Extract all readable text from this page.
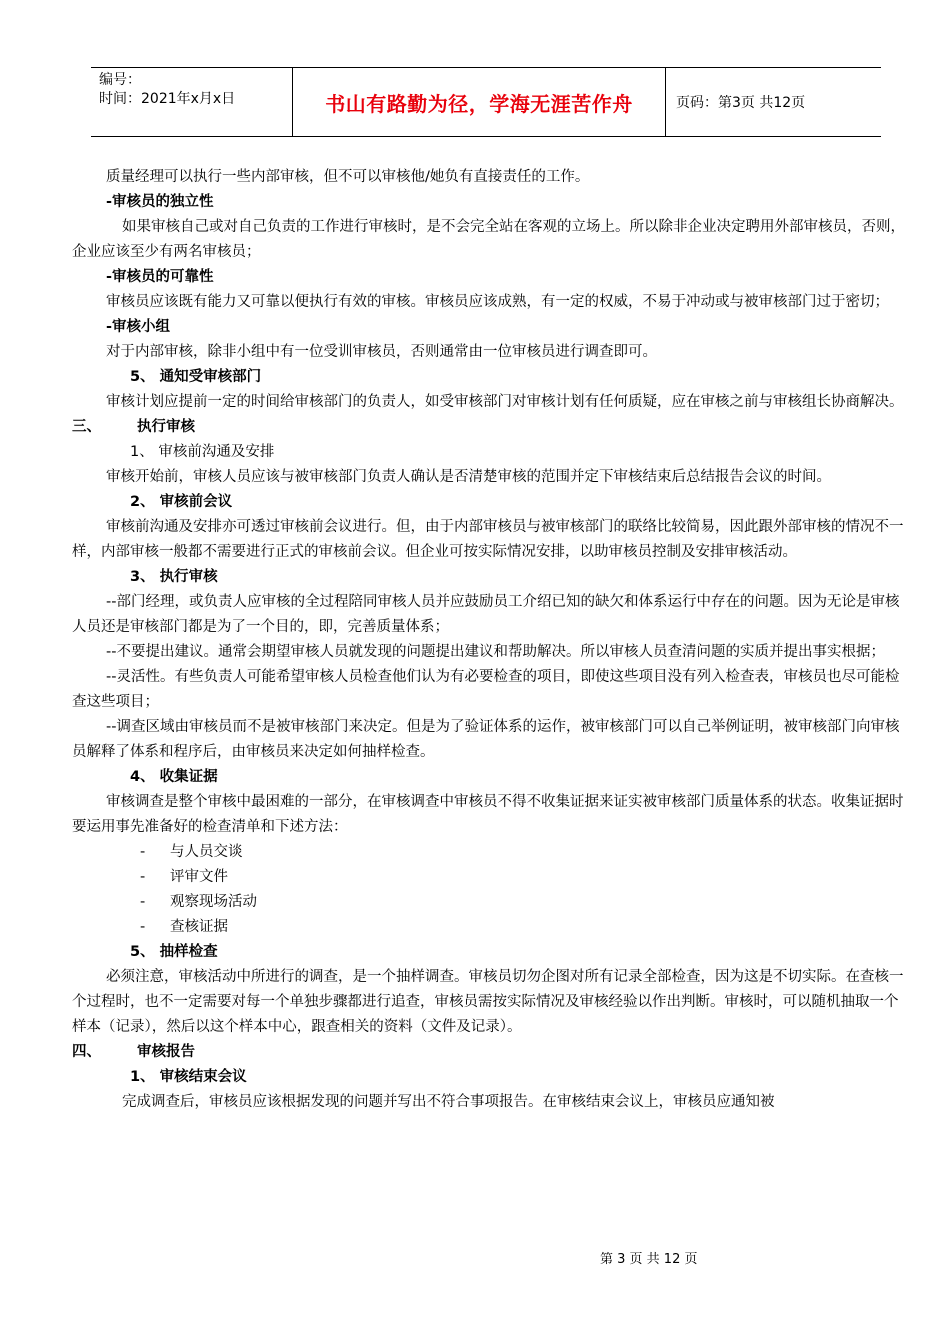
编号：
时间：2021年x月x日	书山有路勤为径，学海无涯苦作舟	页码：第3页 共12页

质量经理可以执行一些内部审核，但不可以审核他/她负有直接责任的工作。

-审核员的独立性

如果审核自己或对自己负责的工作进行审核时，是不会完全站在客观的立场上。所以除非企业决定聘用外部审核员，否则，企业应该至少有两名审核员；

-审核员的可靠性

审核员应该既有能力又可靠以便执行有效的审核。审核员应该成熟，有一定的权威，不易于冲动或与被审核部门过于密切；

-审核小组

对于内部审核，除非小组中有一位受训审核员，否则通常由一位审核员进行调查即可。

5、 通知受审核部门

审核计划应提前一定的时间给审核部门的负责人，如受审核部门对审核计划有任何质疑，应在审核之前与审核组长协商解决。

三、 执行审核

1、 审核前沟通及安排

审核开始前，审核人员应该与被审核部门负责人确认是否清楚审核的范围并定下审核结束后总结报告会议的时间。

2、 审核前会议

审核前沟通及安排亦可透过审核前会议进行。但，由于内部审核员与被审核部门的联络比较简易，因此跟外部审核的情况不一样，内部审核一般都不需要进行正式的审核前会议。但企业可按实际情况安排，以助审核员控制及安排审核活动。

3、 执行审核

--部门经理，或负责人应审核的全过程陪同审核人员并应鼓励员工介绍已知的缺欠和体系运行中存在的问题。因为无论是审核人员还是审核部门都是为了一个目的，即，完善质量体系；

--不要提出建议。通常会期望审核人员就发现的问题提出建议和帮助解决。所以审核人员查清问题的实质并提出事实根据；

--灵活性。有些负责人可能希望审核人员检查他们认为有必要检查的项目，即使这些项目没有列入检查表，审核员也尽可能检查这些项目；

--调查区域由审核员而不是被审核部门来决定。但是为了验证体系的运作，被审核部门可以自己举例证明，被审核部门向审核员解释了体系和程序后，由审核员来决定如何抽样检查。

4、 收集证据

审核调查是整个审核中最困难的一部分，在审核调查中审核员不得不收集证据来证实被审核部门质量体系的状态。收集证据时要运用事先准备好的检查清单和下述方法：

- 与人员交谈

- 评审文件

- 观察现场活动

- 查核证据

5、 抽样检查

必须注意，审核活动中所进行的调查，是一个抽样调查。审核员切勿企图对所有记录全部检查，因为这是不切实际。在查核一个过程时，也不一定需要对每一个单独步骤都进行追查，审核员需按实际情况及审核经验以作出判断。审核时，可以随机抽取一个样本（记录），然后以这个样本中心，跟查相关的资料（文件及记录）。

四、 审核报告

1、 审核结束会议

完成调查后，审核员应该根据发现的问题并写出不符合事项报告。在审核结束会议上，审核员应通知被

第 3 页 共 12 页
